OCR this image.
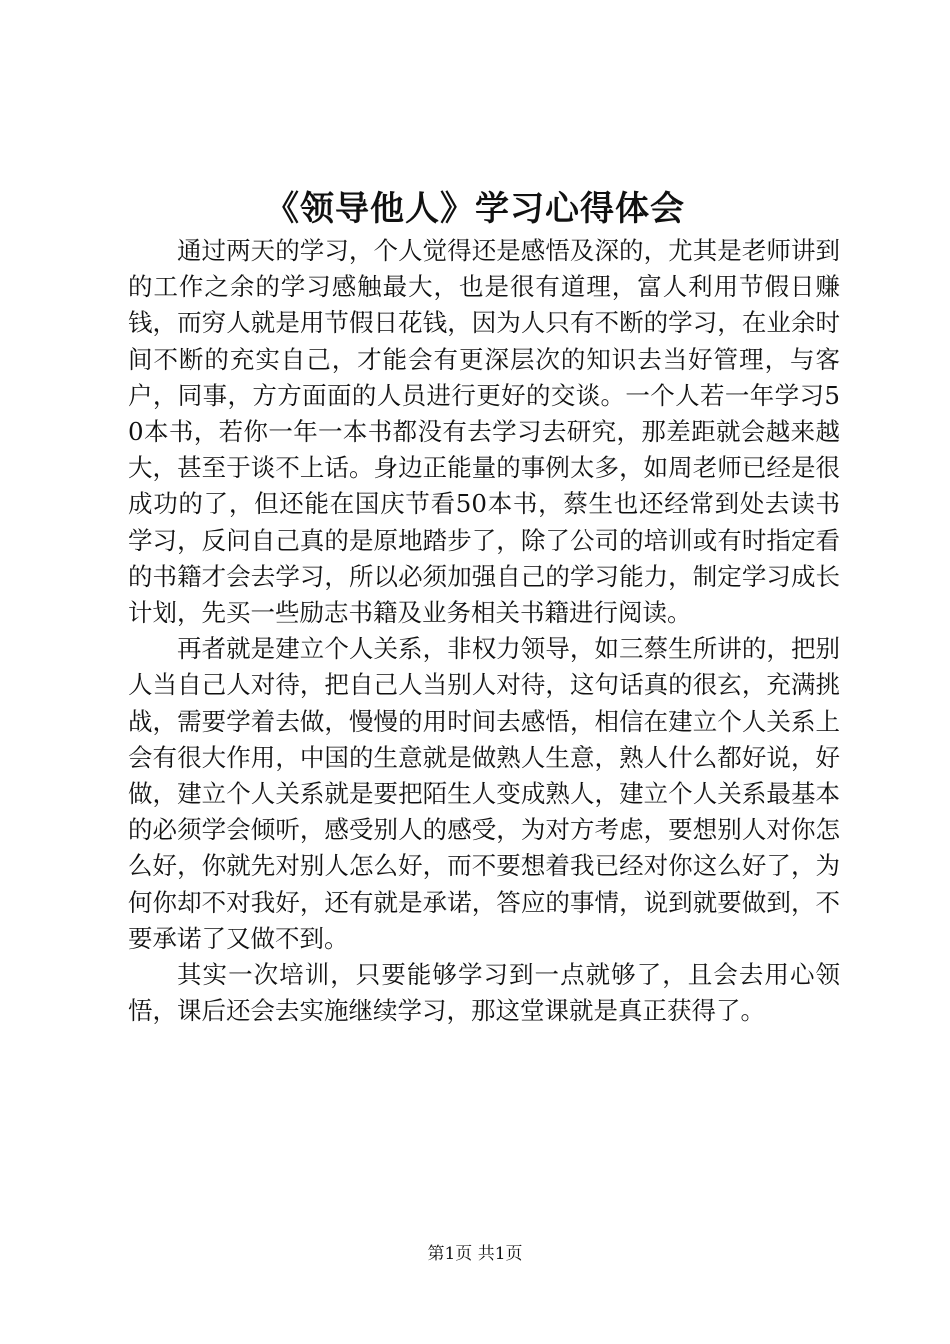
《领导他人》学习心得体会

通过两天的学习，个人觉得还是感悟及深的，尤其是老师讲到的工作之余的学习感触最大，也是很有道理，富人利用节假日赚钱，而穷人就是用节假日花钱，因为人只有不断的学习，在业余时间不断的充实自己，才能会有更深层次的知识去当好管理，与客户，同事，方方面面的人员进行更好的交谈。一个人若一年学习50本书，若你一年一本书都没有去学习去研究，那差距就会越来越大，甚至于谈不上话。身边正能量的事例太多，如周老师已经是很成功的了，但还能在国庆节看50本书，蔡生也还经常到处去读书学习，反问自己真的是原地踏步了，除了公司的培训或有时指定看的书籍才会去学习，所以必须加强自己的学习能力，制定学习成长计划，先买一些励志书籍及业务相关书籍进行阅读。

再者就是建立个人关系，非权力领导，如三蔡生所讲的，把别人当自己人对待，把自己人当别人对待，这句话真的很玄，充满挑战，需要学着去做，慢慢的用时间去感悟，相信在建立个人关系上会有很大作用，中国的生意就是做熟人生意，熟人什么都好说，好做，建立个人关系就是要把陌生人变成熟人，建立个人关系最基本的必须学会倾听，感受别人的感受，为对方考虑，要想别人对你怎么好，你就先对别人怎么好，而不要想着我已经对你这么好了，为何你却不对我好，还有就是承诺，答应的事情，说到就要做到，不要承诺了又做不到。

其实一次培训，只要能够学习到一点就够了，且会去用心领悟，课后还会去实施继续学习，那这堂课就是真正获得了。

第1页 共1页
